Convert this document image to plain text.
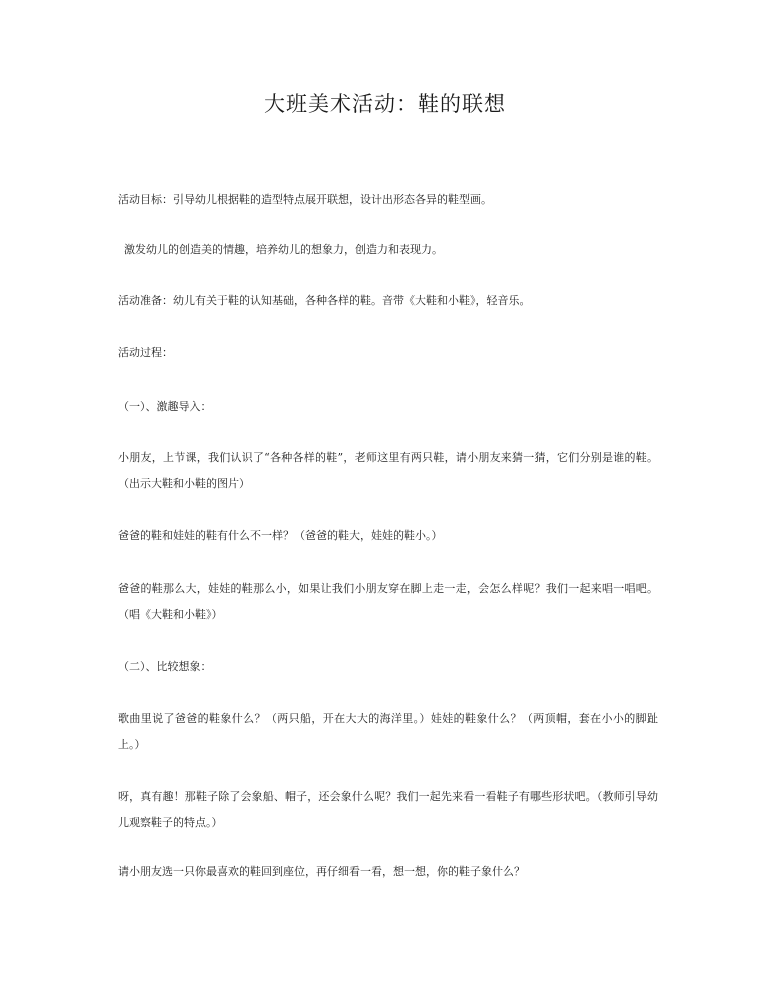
大班美术活动：鞋的联想

活动目标：引导幼儿根据鞋的造型特点展开联想，设计出形态各异的鞋型画。

激发幼儿的创造美的情趣，培养幼儿的想象力，创造力和表现力。

活动准备：幼儿有关于鞋的认知基础，各种各样的鞋。音带《大鞋和小鞋》，轻音乐。

活动过程：

（一）、激趣导入：

小朋友，上节课，我们认识了“各种各样的鞋”，老师这里有两只鞋，请小朋友来猜一猜，它们分别是谁的鞋。（出示大鞋和小鞋的图片）

爸爸的鞋和娃娃的鞋有什么不一样？（爸爸的鞋大，娃娃的鞋小。）

爸爸的鞋那么大，娃娃的鞋那么小，如果让我们小朋友穿在脚上走一走，会怎么样呢？我们一起来唱一唱吧。（唱《大鞋和小鞋》）

（二）、比较想象：

歌曲里说了爸爸的鞋象什么？（两只船，开在大大的海洋里。）娃娃的鞋象什么？（两顶帽，套在小小的脚趾上。）

呀，真有趣！那鞋子除了会象船、帽子，还会象什么呢？我们一起先来看一看鞋子有哪些形状吧。（教师引导幼儿观察鞋子的特点。）

请小朋友选一只你最喜欢的鞋回到座位，再仔细看一看，想一想，你的鞋子象什么？
